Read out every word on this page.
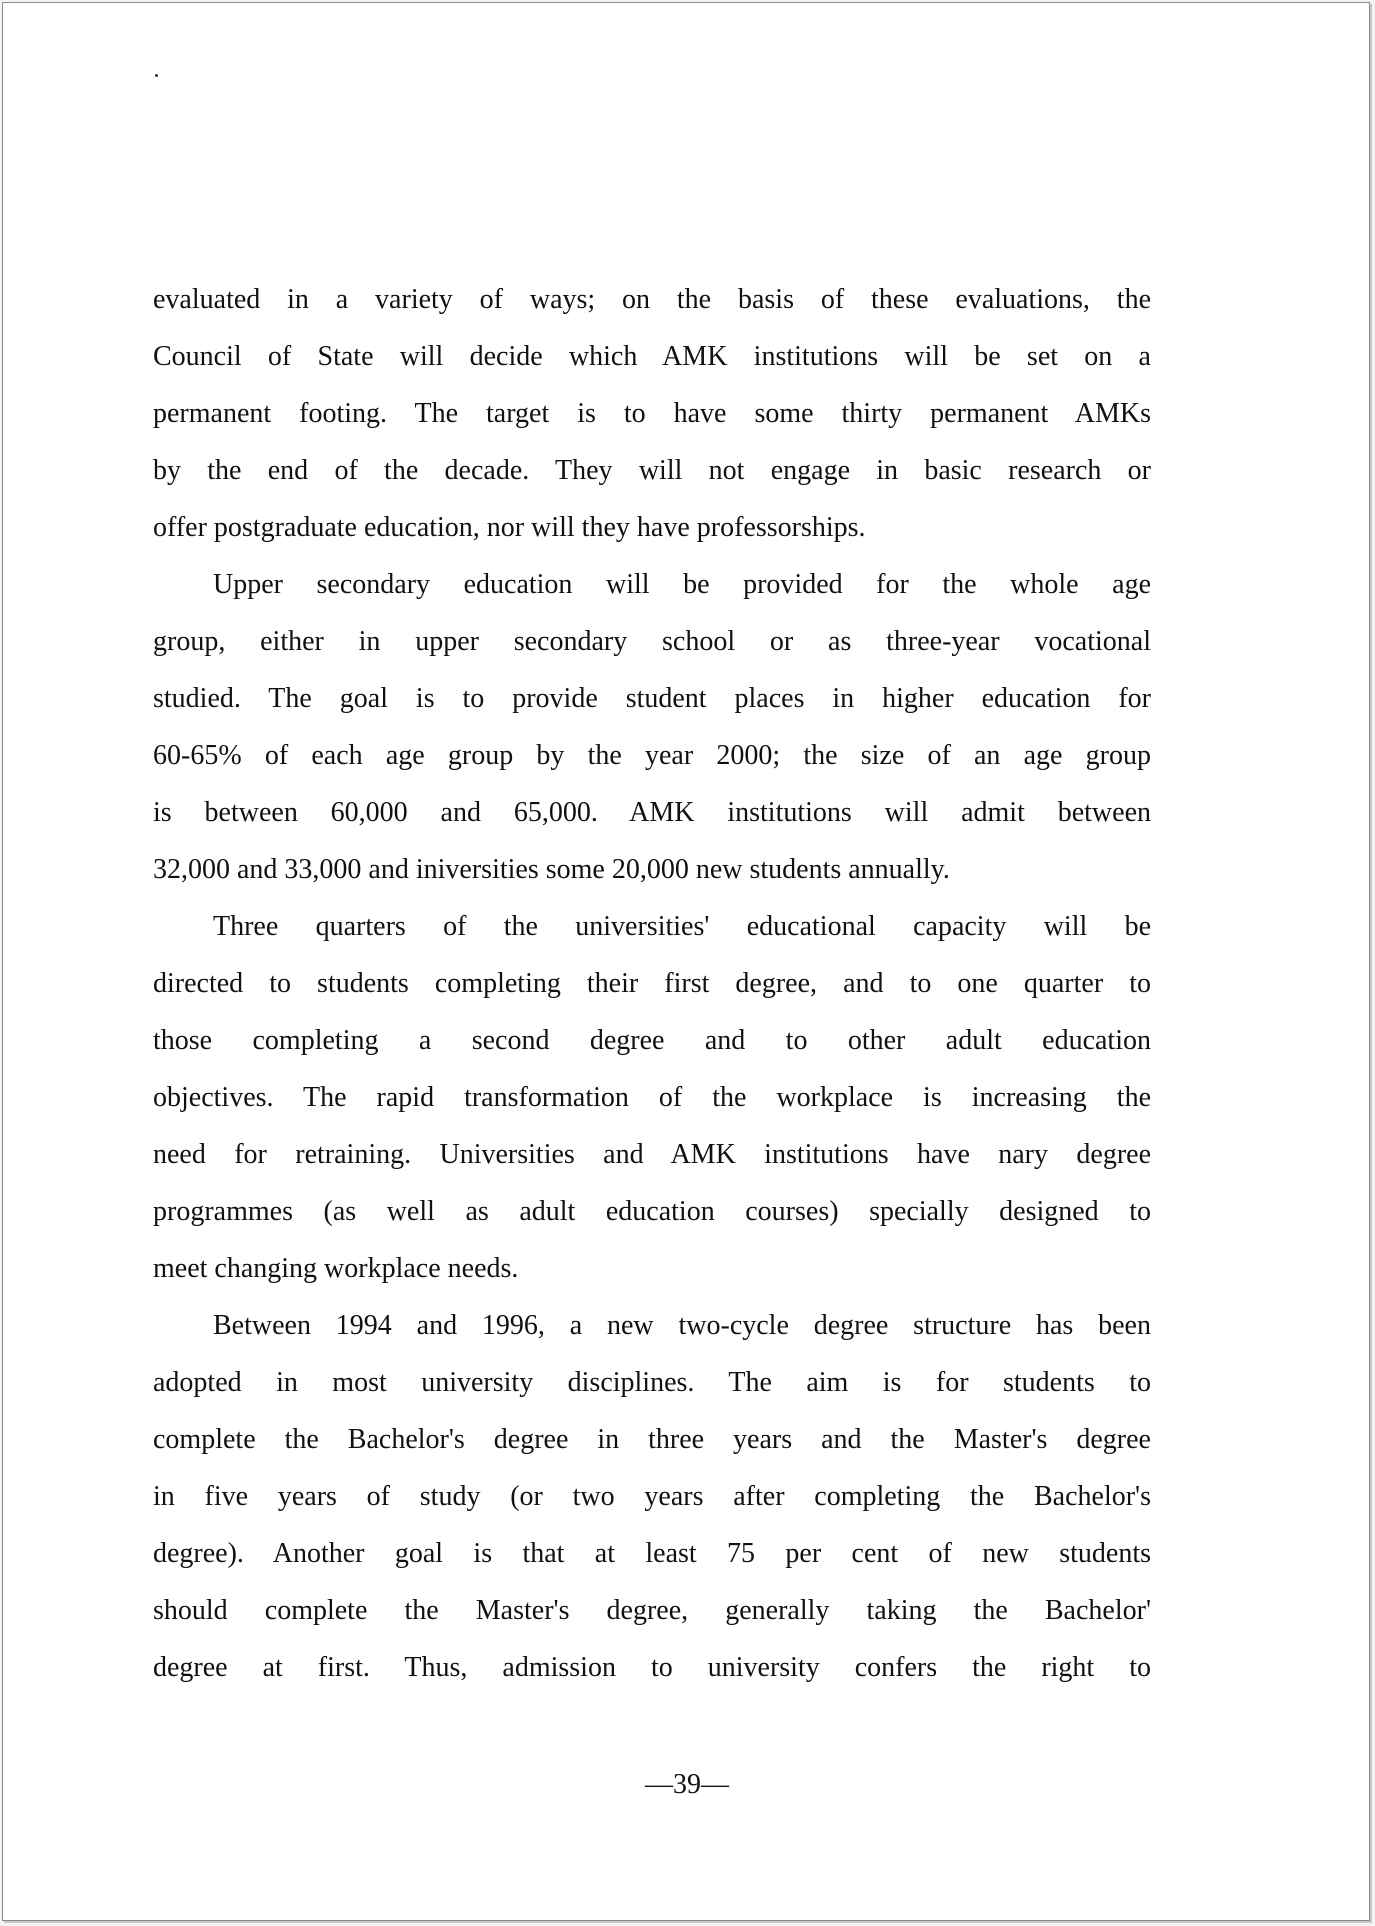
evaluated in a variety of ways; on the basis of these evaluations, the
Council of State will decide which AMK institutions will be set on a
permanent footing. The target is to have some thirty permanent AMKs
by the end of the decade. They will not engage in basic research or
offer postgraduate education, nor will they have professorships.
Upper secondary education will be provided for the whole age
group, either in upper secondary school or as three-year vocational
studied. The goal is to provide student places in higher education for
60-65% of each age group by the year 2000; the size of an age group
is between 60,000 and 65,000. AMK institutions will admit between
32,000 and 33,000 and iniversities some 20,000 new students annually.
Three quarters of the universities' educational capacity will be
directed to students completing their first degree, and to one quarter to
those completing a second degree and to other adult education
objectives. The rapid transformation of the workplace is increasing the
need for retraining. Universities and AMK institutions have nary degree
programmes (as well as adult education courses) specially designed to
meet changing workplace needs.
Between 1994 and 1996, a new two-cycle degree structure has been
adopted in most university disciplines. The aim is for students to
complete the Bachelor's degree in three years and the Master's degree
in five years of study (or two years after completing the Bachelor's
degree). Another goal is that at least 75 per cent of new students
should complete the Master's degree, generally taking the Bachelor'
degree at first. Thus, admission to university confers the right to
—39—
